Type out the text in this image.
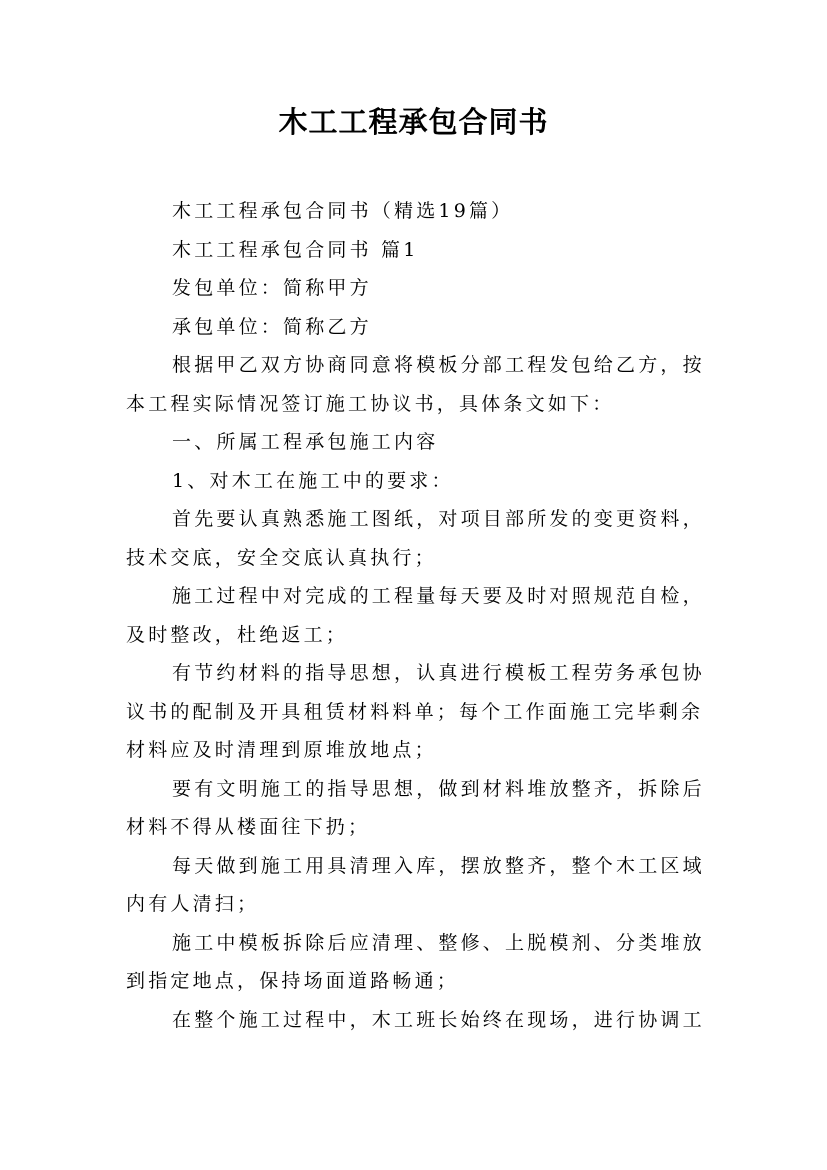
木工工程承包合同书
木工工程承包合同书（精选19篇）
木工工程承包合同书 篇1
发包单位：简称甲方
承包单位：简称乙方
根据甲乙双方协商同意将模板分部工程发包给乙方，按
本工程实际情况签订施工协议书，具体条文如下：
一、所属工程承包施工内容
1、对木工在施工中的要求：
首先要认真熟悉施工图纸，对项目部所发的变更资料，
技术交底，安全交底认真执行；
施工过程中对完成的工程量每天要及时对照规范自检，
及时整改，杜绝返工；
有节约材料的指导思想，认真进行模板工程劳务承包协
议书的配制及开具租赁材料料单；每个工作面施工完毕剩余
材料应及时清理到原堆放地点；
要有文明施工的指导思想，做到材料堆放整齐，拆除后
材料不得从楼面往下扔；
每天做到施工用具清理入库，摆放整齐，整个木工区域
内有人清扫；
施工中模板拆除后应清理、整修、上脱模剂、分类堆放
到指定地点，保持场面道路畅通；
在整个施工过程中，木工班长始终在现场，进行协调工
